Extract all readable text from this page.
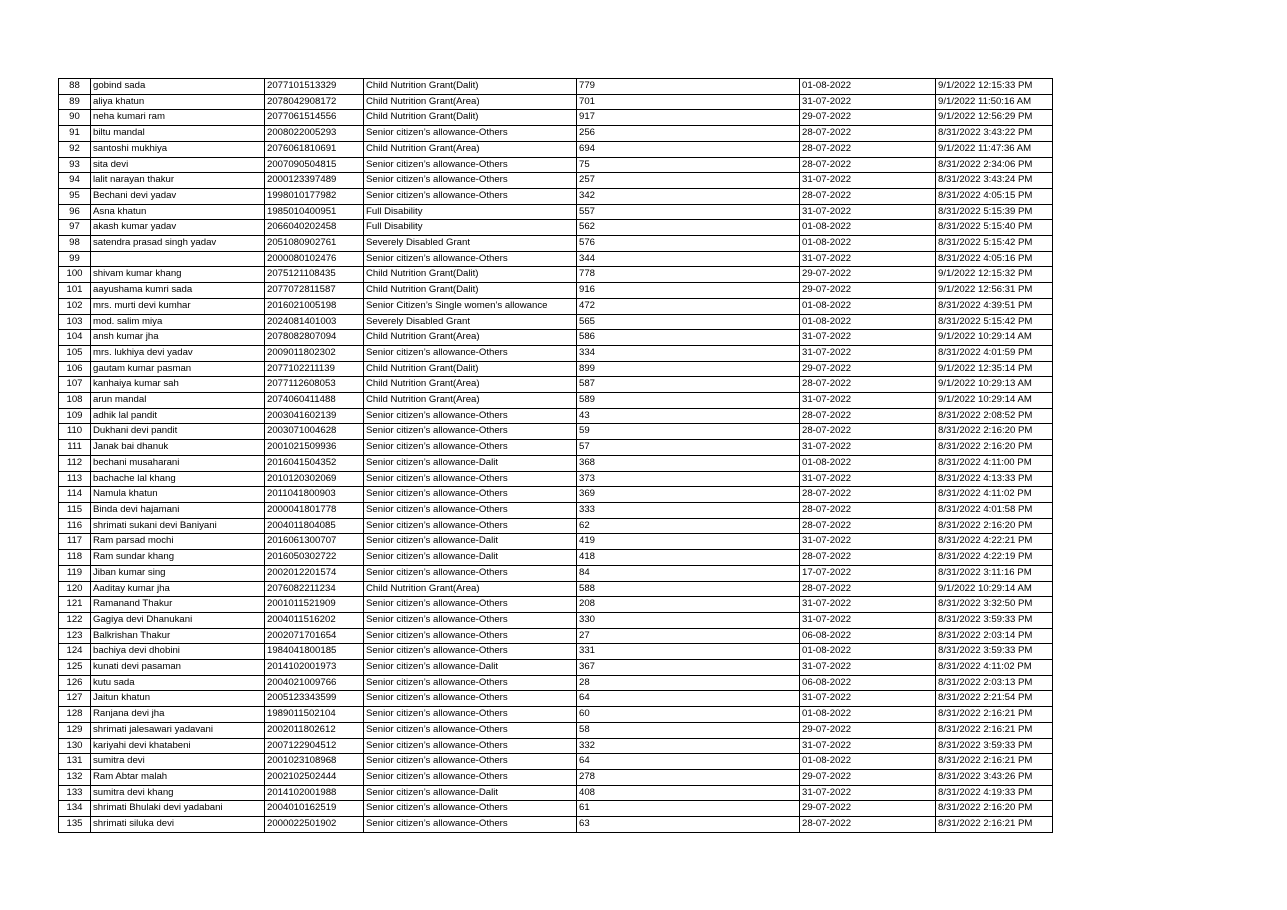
88	gobind sada	2077101513329	Child Nutrition Grant(Dalit)	779	01-08-2022	9/1/2022 12:15:33 PM
89	aliya khatun	2078042908172	Child Nutrition Grant(Area)	701	31-07-2022	9/1/2022 11:50:16 AM
90	neha kumari ram	2077061514556	Child Nutrition Grant(Dalit)	917	29-07-2022	9/1/2022 12:56:29 PM
91	biltu mandal	2008022005293	Senior citizen’s allowance-Others	256	28-07-2022	8/31/2022 3:43:22 PM
92	santoshi mukhiya	2076061810691	Child Nutrition Grant(Area)	694	28-07-2022	9/1/2022 11:47:36 AM
93	sita devi	2007090504815	Senior citizen’s allowance-Others	75	28-07-2022	8/31/2022 2:34:06 PM
94	lalit narayan thakur	2000123397489	Senior citizen’s allowance-Others	257	31-07-2022	8/31/2022 3:43:24 PM
95	Bechani devi yadav	1998010177982	Senior citizen’s allowance-Others	342	28-07-2022	8/31/2022 4:05:15 PM
96	Asna khatun	1985010400951	Full Disability	557	31-07-2022	8/31/2022 5:15:39 PM
97	akash kumar yadav	2066040202458	Full Disability	562	01-08-2022	8/31/2022 5:15:40 PM
98	satendra prasad singh yadav	2051080902761	Severely Disabled Grant	576	01-08-2022	8/31/2022 5:15:42 PM
99		2000080102476	Senior citizen’s allowance-Others	344	31-07-2022	8/31/2022 4:05:16 PM
100	shivam kumar khang	2075121108435	Child Nutrition Grant(Dalit)	778	29-07-2022	9/1/2022 12:15:32 PM
101	aayushama kumri sada	2077072811587	Child Nutrition Grant(Dalit)	916	29-07-2022	9/1/2022 12:56:31 PM
102	mrs. murti devi kumhar	2016021005198	Senior Citizen’s Single women’s allowance	472	01-08-2022	8/31/2022 4:39:51 PM
103	mod. salim miya	2024081401003	Severely Disabled Grant	565	01-08-2022	8/31/2022 5:15:42 PM
104	ansh kumar jha	2078082807094	Child Nutrition Grant(Area)	586	31-07-2022	9/1/2022 10:29:14 AM
105	mrs. lukhiya devi yadav	2009011802302	Senior citizen’s allowance-Others	334	31-07-2022	8/31/2022 4:01:59 PM
106	gautam kumar pasman	2077102211139	Child Nutrition Grant(Dalit)	899	29-07-2022	9/1/2022 12:35:14 PM
107	kanhaiya kumar sah	2077112608053	Child Nutrition Grant(Area)	587	28-07-2022	9/1/2022 10:29:13 AM
108	arun mandal	2074060411488	Child Nutrition Grant(Area)	589	31-07-2022	9/1/2022 10:29:14 AM
109	adhik lal pandit	2003041602139	Senior citizen’s allowance-Others	43	28-07-2022	8/31/2022 2:08:52 PM
110	Dukhani devi pandit	2003071004628	Senior citizen’s allowance-Others	59	28-07-2022	8/31/2022 2:16:20 PM
111	Janak bai dhanuk	2001021509936	Senior citizen’s allowance-Others	57	31-07-2022	8/31/2022 2:16:20 PM
112	bechani musaharani	2016041504352	Senior citizen’s allowance-Dalit	368	01-08-2022	8/31/2022 4:11:00 PM
113	bachache lal khang	2010120302069	Senior citizen’s allowance-Others	373	31-07-2022	8/31/2022 4:13:33 PM
114	Namula khatun	2011041800903	Senior citizen’s allowance-Others	369	28-07-2022	8/31/2022 4:11:02 PM
115	Binda devi hajamani	2000041801778	Senior citizen’s allowance-Others	333	28-07-2022	8/31/2022 4:01:58 PM
116	shrimati sukani devi Baniyani	2004011804085	Senior citizen’s allowance-Others	62	28-07-2022	8/31/2022 2:16:20 PM
117	Ram parsad mochi	2016061300707	Senior citizen’s allowance-Dalit	419	31-07-2022	8/31/2022 4:22:21 PM
118	Ram sundar khang	2016050302722	Senior citizen’s allowance-Dalit	418	28-07-2022	8/31/2022 4:22:19 PM
119	Jiban kumar sing	2002012201574	Senior citizen’s allowance-Others	84	17-07-2022	8/31/2022 3:11:16 PM
120	Aaditay kumar jha	2076082211234	Child Nutrition Grant(Area)	588	28-07-2022	9/1/2022 10:29:14 AM
121	Ramanand Thakur	2001011521909	Senior citizen’s allowance-Others	208	31-07-2022	8/31/2022 3:32:50 PM
122	Gagiya devi Dhanukani	2004011516202	Senior citizen’s allowance-Others	330	31-07-2022	8/31/2022 3:59:33 PM
123	Balkrishan Thakur	2002071701654	Senior citizen’s allowance-Others	27	06-08-2022	8/31/2022 2:03:14 PM
124	bachiya devi dhobini	1984041800185	Senior citizen’s allowance-Others	331	01-08-2022	8/31/2022 3:59:33 PM
125	kunati devi pasaman	2014102001973	Senior citizen’s allowance-Dalit	367	31-07-2022	8/31/2022 4:11:02 PM
126	kutu sada	2004021009766	Senior citizen’s allowance-Others	28	06-08-2022	8/31/2022 2:03:13 PM
127	Jaitun khatun	2005123343599	Senior citizen’s allowance-Others	64	31-07-2022	8/31/2022 2:21:54 PM
128	Ranjana devi jha	1989011502104	Senior citizen’s allowance-Others	60	01-08-2022	8/31/2022 2:16:21 PM
129	shrimati jalesawari yadavani	2002011802612	Senior citizen’s allowance-Others	58	29-07-2022	8/31/2022 2:16:21 PM
130	kariyahi devi khatabeni	2007122904512	Senior citizen’s allowance-Others	332	31-07-2022	8/31/2022 3:59:33 PM
131	sumitra devi	2001023108968	Senior citizen’s allowance-Others	64	01-08-2022	8/31/2022 2:16:21 PM
132	Ram Abtar malah	2002102502444	Senior citizen’s allowance-Others	278	29-07-2022	8/31/2022 3:43:26 PM
133	sumitra devi khang	2014102001988	Senior citizen’s allowance-Dalit	408	31-07-2022	8/31/2022 4:19:33 PM
134	shrimati Bhulaki devi yadabani	2004010162519	Senior citizen’s allowance-Others	61	29-07-2022	8/31/2022 2:16:20 PM
135	shrimati siluka devi	2000022501902	Senior citizen’s allowance-Others	63	28-07-2022	8/31/2022 2:16:21 PM
